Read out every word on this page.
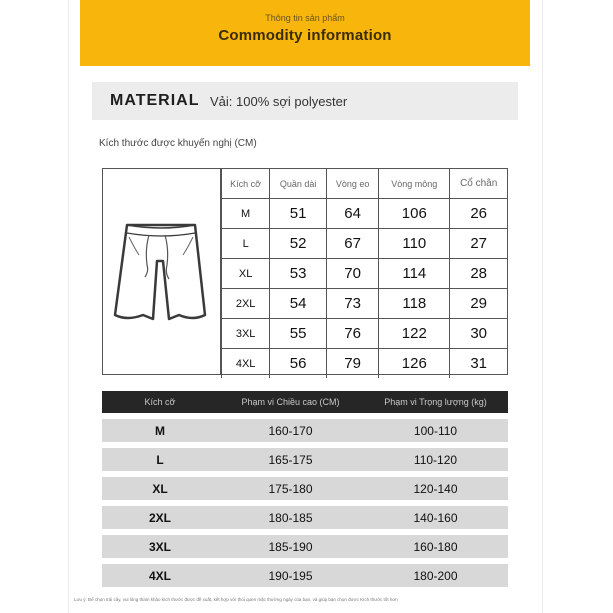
Thông tin sản phẩm
Commodity information
MATERIAL Vải: 100% sợi polyester
Kích thước được khuyến nghị (CM)
Kích cỡ	Quần dài	Vòng eo	Vòng mông	Cổ chân
M	51	64	106	26
L	52	67	110	27
XL	53	70	114	28
2XL	54	73	118	29
3XL	55	76	122	30
4XL	56	79	126	31
Kích cỡ	Phạm vi Chiều cao (CM)	Phạm vi Trọng lượng (kg)
M	160-170	100-110
L	165-175	110-120
XL	175-180	120-140
2XL	180-185	140-160
3XL	185-190	160-180
4XL	190-195	180-200
Lưu ý: Để chọn trái cây, vui lòng tham khảo kích thước được đề xuất, kết hợp với thói quen mặc thường ngày của bạn, và giúp bạn chọn được Kích thước tốt hơn
